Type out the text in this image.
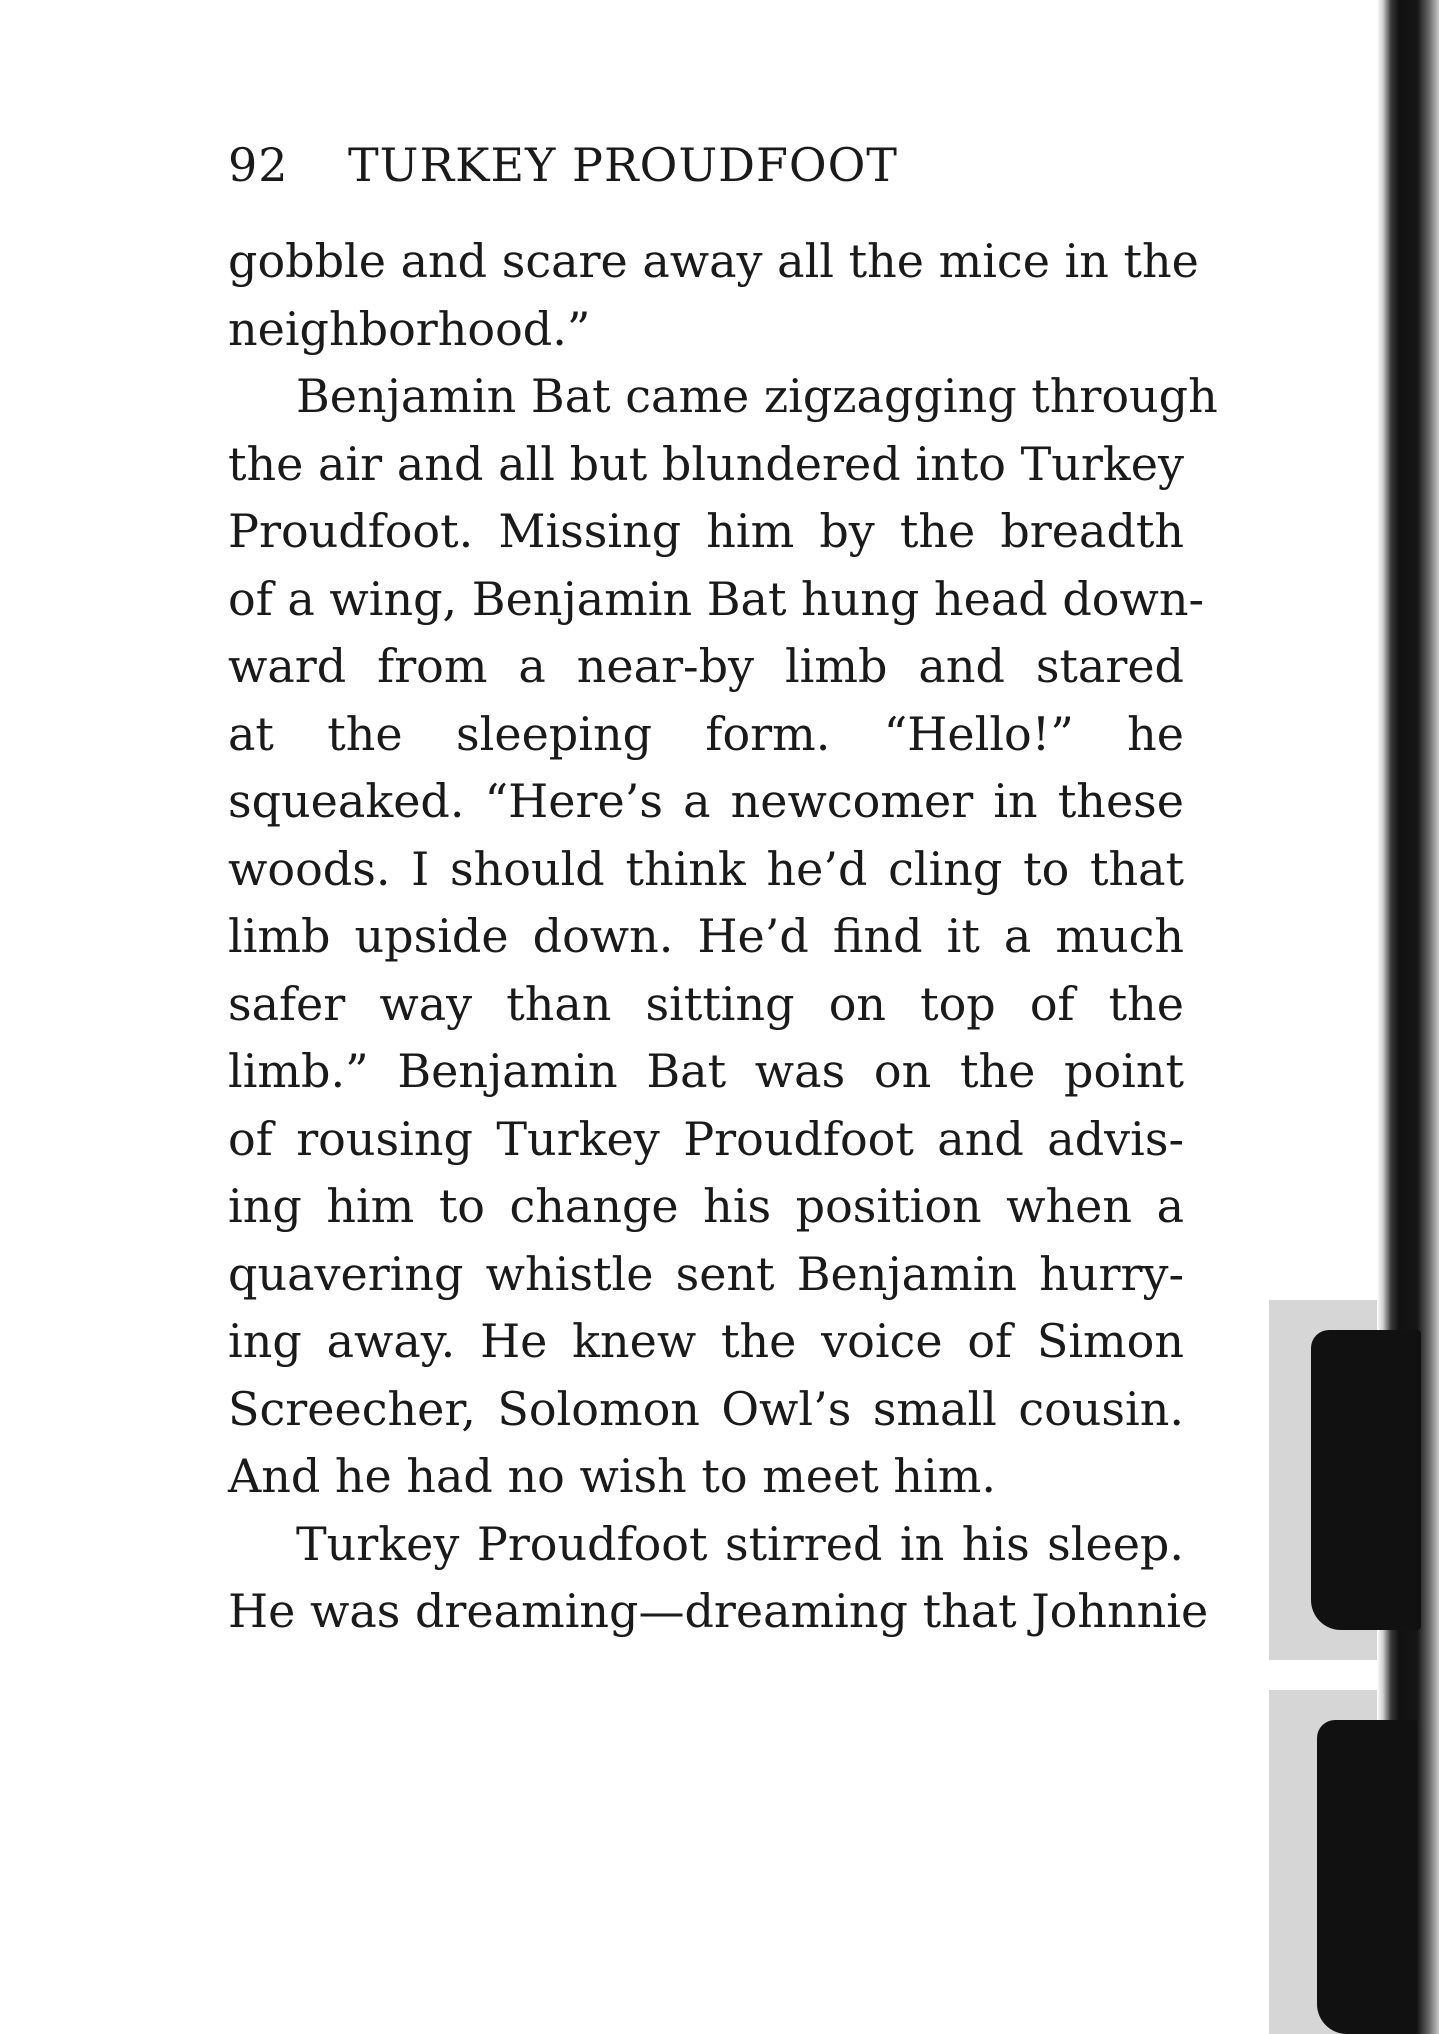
92 TURKEY PROUDFOOT
gobble and scare away all the mice in the
neighborhood.”
Benjamin Bat came zigzagging through
the air and all but blundered into Turkey
Proudfoot. Missing him by the breadth
of a wing, Benjamin Bat hung head down-
ward from a near-by limb and stared
at the sleeping form. “Hello!” he
squeaked. “Here’s a newcomer in these
woods. I should think he’d cling to that
limb upside down. He’d find it a much
safer way than sitting on top of the
limb.” Benjamin Bat was on the point
of rousing Turkey Proudfoot and advis-
ing him to change his position when a
quavering whistle sent Benjamin hurry-
ing away. He knew the voice of Simon
Screecher, Solomon Owl’s small cousin.
And he had no wish to meet him.
Turkey Proudfoot stirred in his sleep.
He was dreaming—dreaming that Johnnie
